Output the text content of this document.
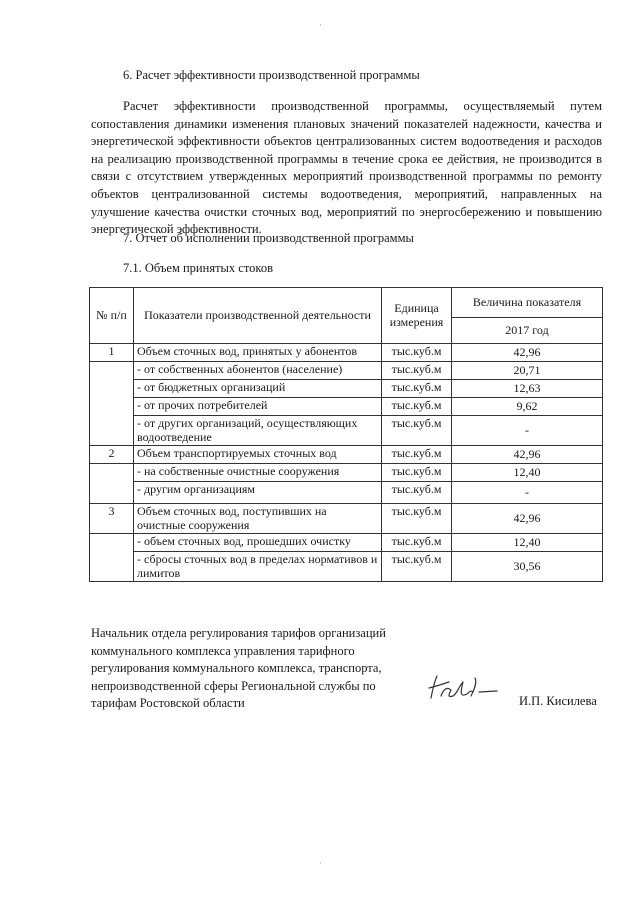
·
6. Расчет эффективности производственной программы

Расчет эффективности производственной программы, осуществляемый путем сопоставления динамики изменения плановых значений показателей надежности, качества и энергетической эффективности объектов централизованных систем водоотведения и расходов на реализацию производственной программы в течение срока ее действия, не производится в связи с отсутствием утвержденных мероприятий производственной программы по ремонту объектов централизованной системы водоотведения, мероприятий, направленных на улучшение качества очистки сточных вод, мероприятий по энергосбережению и повышению энергетической эффективности.

7. Отчет об исполнении производственной программы
7.1. Объем принятых стоков
№ п/п	Показатели производственной деятельности	Единица измерения	Величина показателя
			2017 год
1	Объем сточных вод, принятых у абонентов	тыс.куб.м	42,96
	- от собственных абонентов (население)	тыс.куб.м	20,71
	- от бюджетных организаций	тыс.куб.м	12,63
	- от прочих потребителей	тыс.куб.м	9,62
	- от других организаций, осуществляющих водоотведение	тыс.куб.м	-
2	Объем транспортируемых сточных вод	тыс.куб.м	42,96
	- на собственные очистные сооружения	тыс.куб.м	12,40
	- другим организациям	тыс.куб.м	-
3	Объем сточных вод, поступивших на очистные сооружения	тыс.куб.м	42,96
	- объем сточных вод, прошедших очистку	тыс.куб.м	12,40
	- сбросы сточных вод в пределах нормативов и лимитов	тыс.куб.м	30,56

Начальник отдела регулирования тарифов организаций коммунального комплекса управления тарифного регулирования коммунального комплекса, транспорта, непроизводственной сферы Региональной службы по тарифам Ростовской области	И.П. Кисилева
·
